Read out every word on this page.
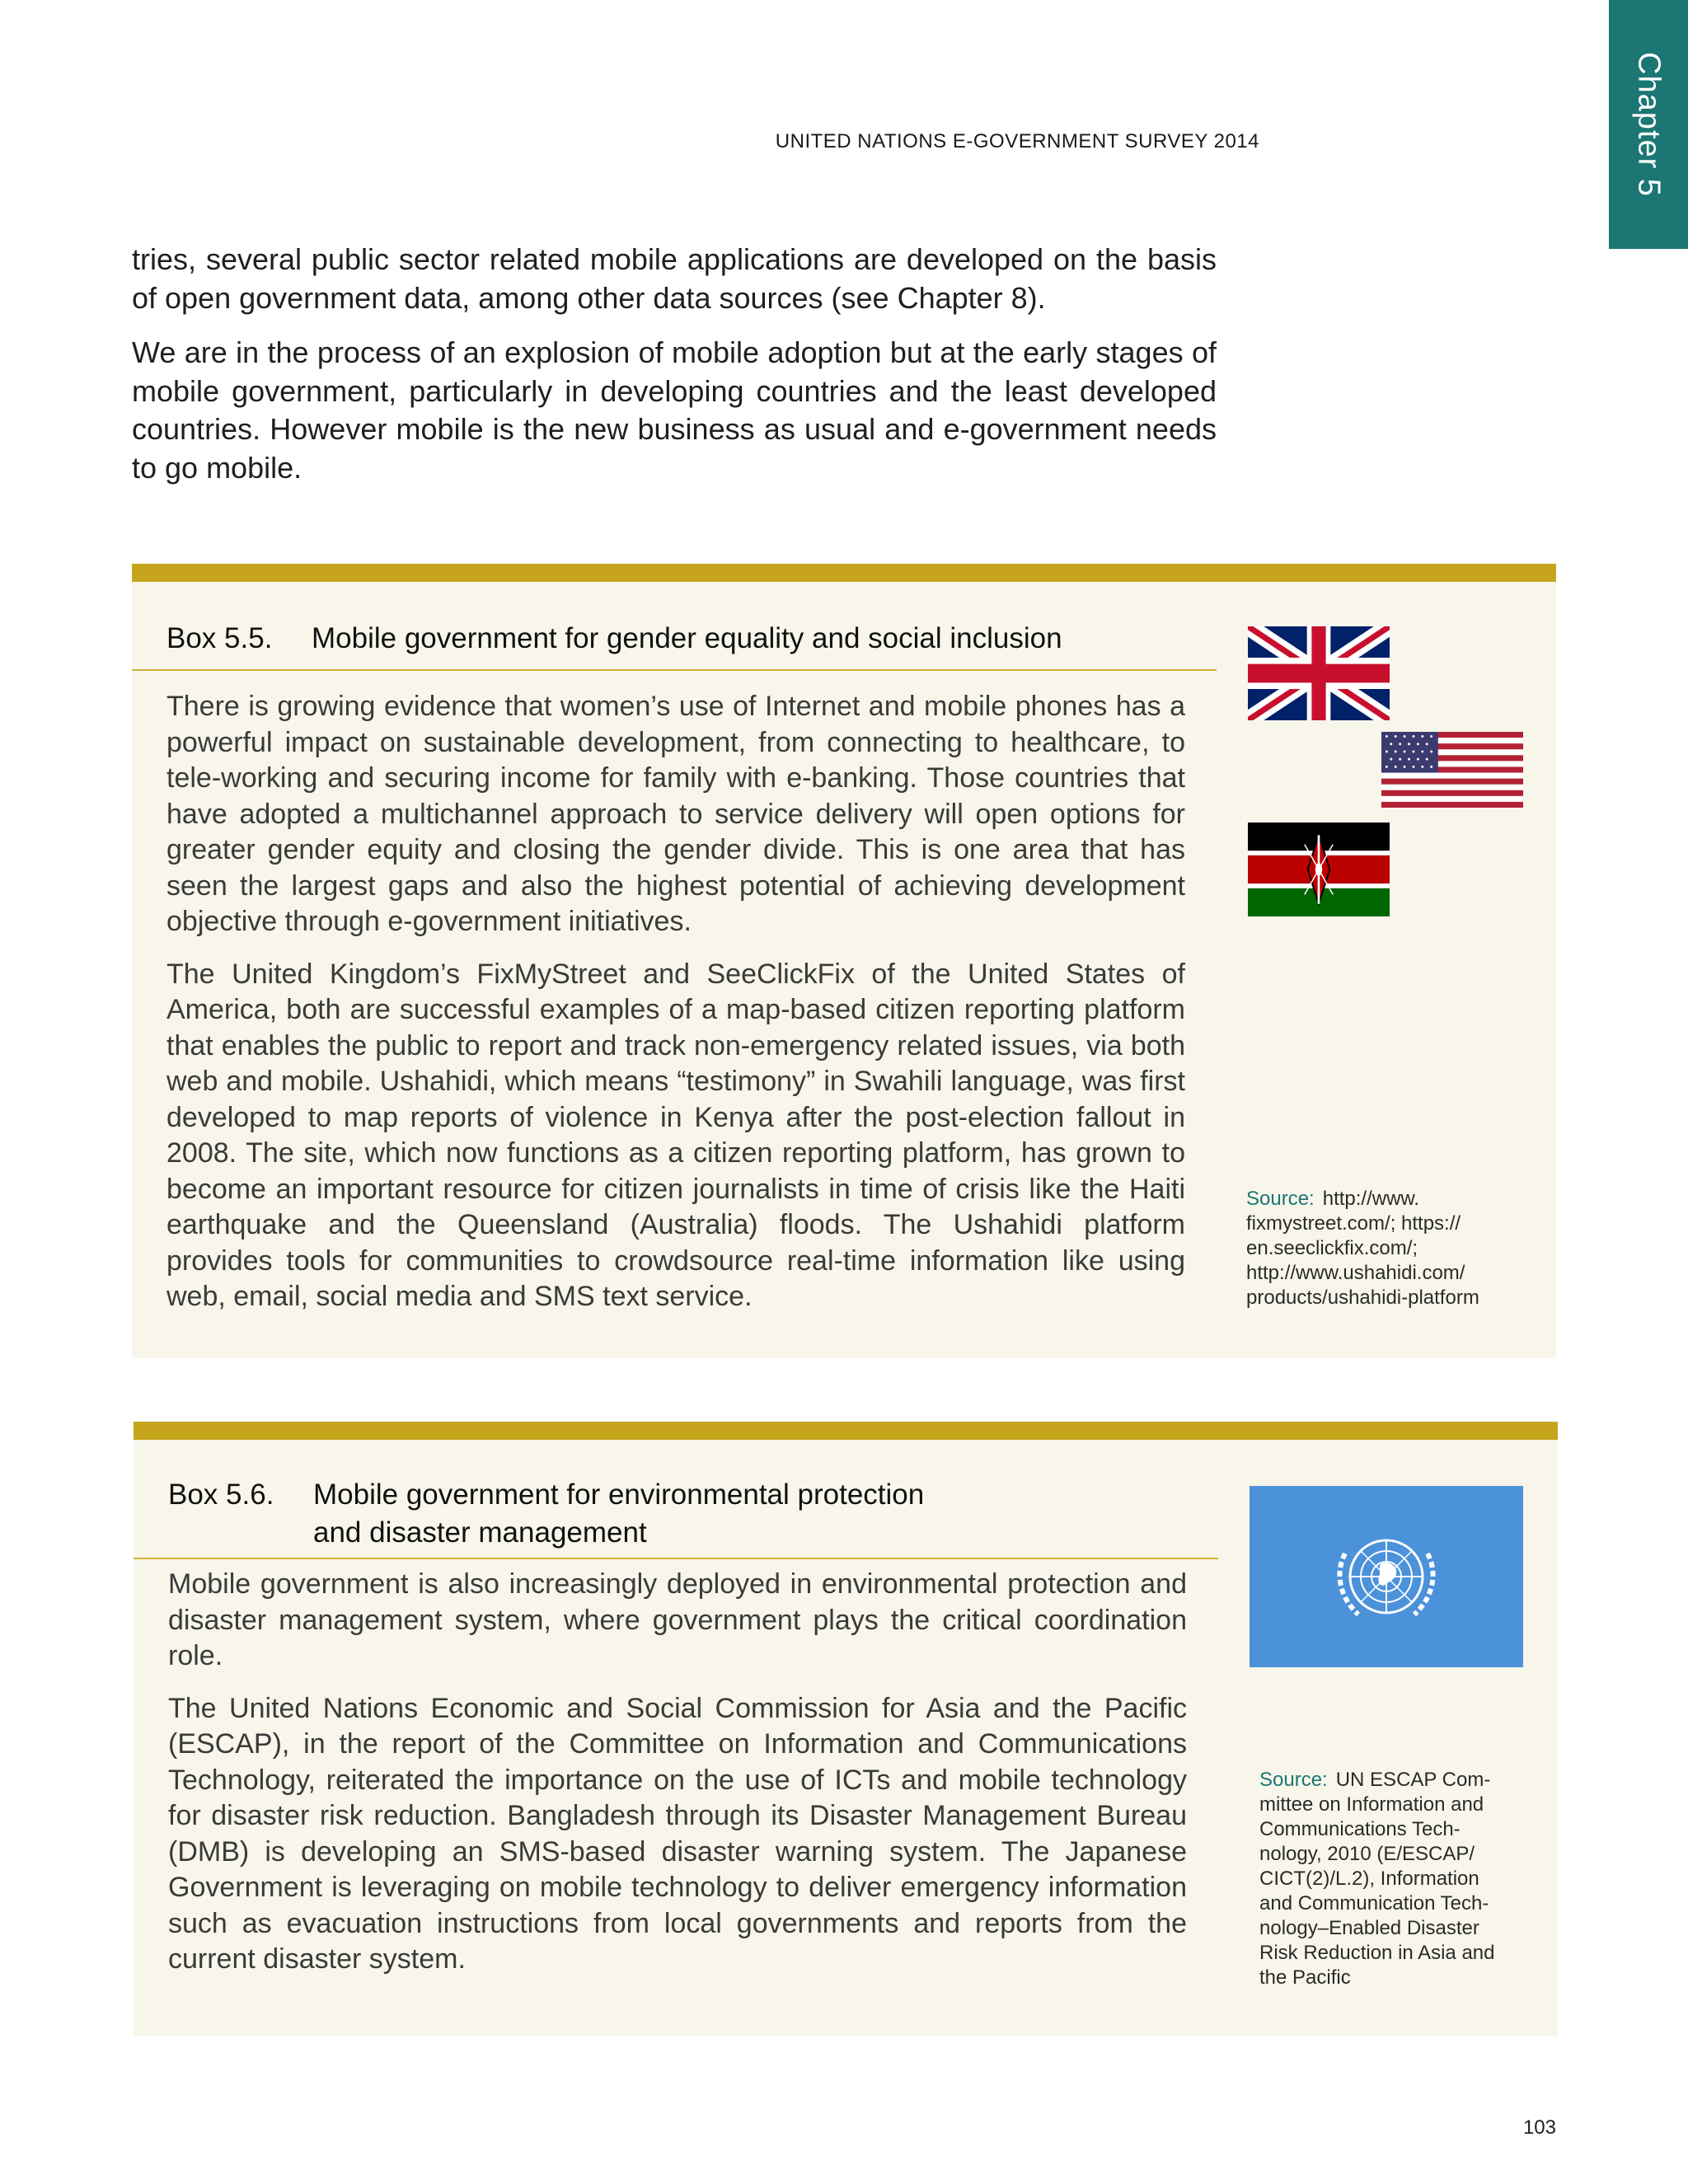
Chapter 5
UNITED NATIONS E-GOVERNMENT SURVEY 2014

tries, several public sector related mobile applications are developed on the basis of open government data, among other data sources (see Chapter 8).

We are in the process of an explosion of mobile adoption but at the early stages of mobile government, particularly in developing countries and the least developed countries. However mobile is the new business as usual and e-government needs to go mobile.

Box 5.5. Mobile government for gender equality and social inclusion

There is growing evidence that women’s use of Internet and mobile phones has a powerful impact on sustainable development, from connecting to healthcare, to tele-working and securing income for family with e-banking. Those countries that have adopted a multichannel approach to service delivery will open options for greater gender equity and closing the gender divide. This is one area that has seen the largest gaps and also the highest potential of achieving development objective through e-government initiatives.

The United Kingdom’s FixMyStreet and SeeClickFix of the United States of America, both are successful examples of a map-based citizen reporting platform that enables the public to report and track non-emergency related issues, via both web and mobile. Ushahidi, which means “testimony” in Swahili language, was first developed to map reports of violence in Kenya after the post-election fallout in 2008. The site, which now functions as a citizen reporting platform, has grown to become an important resource for citizen journalists in time of crisis like the Haiti earthquake and the Queensland (Australia) floods. The Ushahidi platform provides tools for communities to crowdsource real-time information like using web, email, social media and SMS text service.

Source: http://www.
fixmystreet.com/; https://
en.seeclickfix.com/;
http://www.ushahidi.com/
products/ushahidi-platform
Box 5.6. Mobile government for environmental protection
and disaster management

Mobile government is also increasingly deployed in environmental protection and disaster management system, where government plays the critical coordination role.

The United Nations Economic and Social Commission for Asia and the Pacific (ESCAP), in the report of the Committee on Information and Communications Technology, reiterated the importance on the use of ICTs and mobile technology for disaster risk reduction. Bangladesh through its Disaster Management Bureau (DMB) is developing an SMS-based disaster warning system. The Japanese Government is leveraging on mobile technology to deliver emergency information such as evacuation instructions from local governments and reports from the current disaster system.

Source: UN ESCAP Com-
mittee on Information and
Communications Tech-
nology, 2010 (E/ESCAP/
CICT(2)/L.2), Information
and Communication Tech-
nology–Enabled Disaster
Risk Reduction in Asia and
the Pacific
103
